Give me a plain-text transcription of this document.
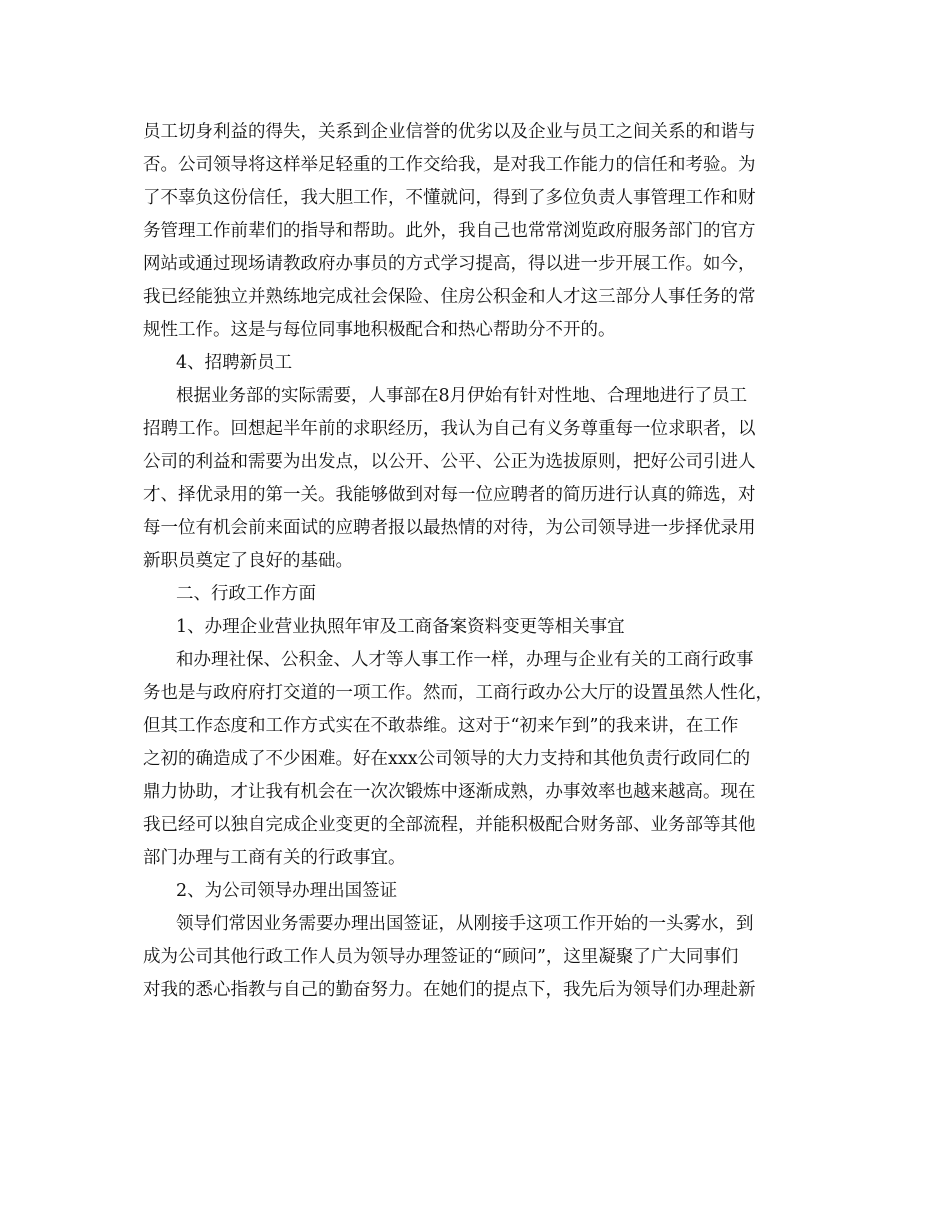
员工切身利益的得失，关系到企业信誉的优劣以及企业与员工之间关系的和谐与
否。公司领导将这样举足轻重的工作交给我，是对我工作能力的信任和考验。为
了不辜负这份信任，我大胆工作，不懂就问，得到了多位负责人事管理工作和财
务管理工作前辈们的指导和帮助。此外，我自己也常常浏览政府服务部门的官方
网站或通过现场请教政府办事员的方式学习提高，得以进一步开展工作。如今，
我已经能独立并熟练地完成社会保险、住房公积金和人才这三部分人事任务的常
规性工作。这是与每位同事地积极配合和热心帮助分不开的。
4、招聘新员工
根据业务部的实际需要，人事部在8月伊始有针对性地、合理地进行了员工
招聘工作。回想起半年前的求职经历，我认为自己有义务尊重每一位求职者，以
公司的利益和需要为出发点，以公开、公平、公正为选拔原则，把好公司引进人
才、择优录用的第一关。我能够做到对每一位应聘者的简历进行认真的筛选，对
每一位有机会前来面试的应聘者报以最热情的对待，为公司领导进一步择优录用
新职员奠定了良好的基础。
二、行政工作方面
1、办理企业营业执照年审及工商备案资料变更等相关事宜
和办理社保、公积金、人才等人事工作一样，办理与企业有关的工商行政事
务也是与政府府打交道的一项工作。然而，工商行政办公大厅的设置虽然人性化，
但其工作态度和工作方式实在不敢恭维。这对于“初来乍到”的我来讲，在工作
之初的确造成了不少困难。好在xxx公司领导的大力支持和其他负责行政同仁的
鼎力协助，才让我有机会在一次次锻炼中逐渐成熟，办事效率也越来越高。现在
我已经可以独自完成企业变更的全部流程，并能积极配合财务部、业务部等其他
部门办理与工商有关的行政事宜。
2、为公司领导办理出国签证
领导们常因业务需要办理出国签证，从刚接手这项工作开始的一头雾水，到
成为公司其他行政工作人员为领导办理签证的“顾问”，这里凝聚了广大同事们
对我的悉心指教与自己的勤奋努力。在她们的提点下，我先后为领导们办理赴新
